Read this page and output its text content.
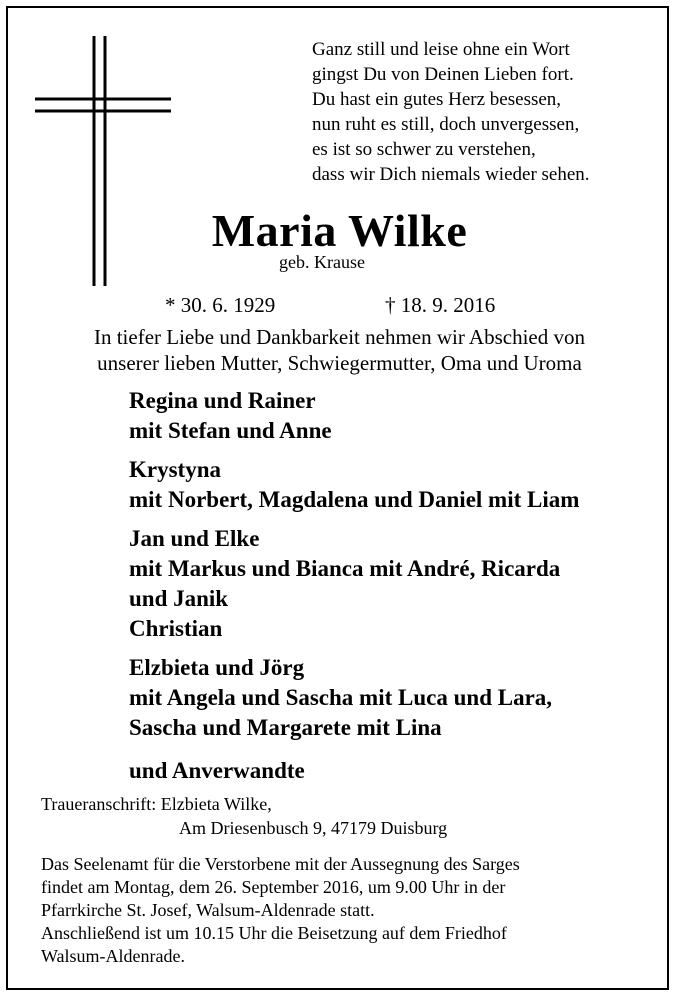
Ganz still und leise ohne ein Wort
gingst Du von Deinen Lieben fort.
Du hast ein gutes Herz besessen,
nun ruht es still, doch unvergessen,
es ist so schwer zu verstehen,
dass wir Dich niemals wieder sehen.
Maria Wilke
geb. Krause
* 30. 6. 1929	† 18. 9. 2016
In tiefer Liebe und Dankbarkeit nehmen wir Abschied von
unserer lieben Mutter, Schwiegermutter, Oma und Uroma
Regina und Rainer
mit Stefan und Anne
Krystyna
mit Norbert, Magdalena und Daniel mit Liam
Jan und Elke
mit Markus und Bianca mit André, Ricarda
und Janik
Christian
Elzbieta und Jörg
mit Angela und Sascha mit Luca und Lara,
Sascha und Margarete mit Lina
und Anverwandte
Traueranschrift: Elzbieta Wilke,
Am Driesenbusch 9, 47179 Duisburg
Das Seelenamt für die Verstorbene mit der Aussegnung des Sarges
findet am Montag, dem 26. September 2016, um 9.00 Uhr in der
Pfarrkirche St. Josef, Walsum-Aldenrade statt.
Anschließend ist um 10.15 Uhr die Beisetzung auf dem Friedhof
Walsum-Aldenrade.
